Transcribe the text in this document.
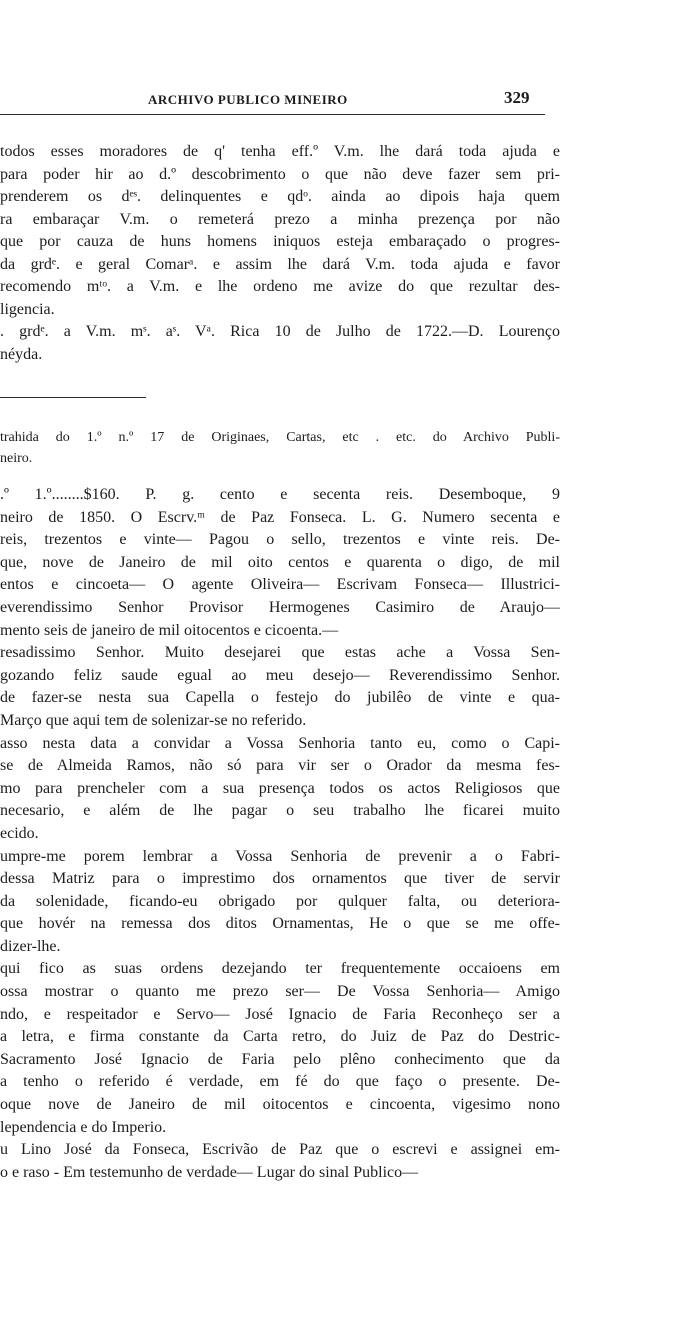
ARCHIVO PUBLICO MINEIRO	329
todos esses moradores de q' tenha eff.º V.m. lhe dará toda ajuda e
para poder hir ao d.º descobrimento o que não deve fazer sem pri-
prenderem os dᵉˢ. delinquentes e qdᵒ. ainda ao dipois haja quem
ra embaraçar V.m. o remeterá prezo a minha prezença por não
que por cauza de huns homens iniquos esteja embaraçado o progres-
da grdᵉ. e geral Comarᵃ. e assim lhe dará V.m. toda ajuda e favor
recomendo mᵗᵒ. a V.m. e lhe ordeno me avize do que rezultar des-
ligencia.
. grdᵉ. a V.m. mˢ. aˢ. Vᵃ. Rica 10 de Julho de 1722.—D. Lourenço
néyda.
trahida do 1.º n.º 17 de Originaes, Cartas, etc . etc. do Archivo Publi-
neiro.
.º 1.º........$160. P. g. cento e secenta reis. Desemboque, 9
neiro de 1850. O Escrv.ᵐ de Paz Fonseca. L. G. Numero secenta e
reis, trezentos e vinte— Pagou o sello, trezentos e vinte reis. De-
que, nove de Janeiro de mil oito centos e quarenta o digo, de mil
entos e cincoeta— O agente Oliveira— Escrivam Fonseca— Illustrici-
everendissimo Senhor Provisor Hermogenes Casimiro de Araujo—
mento seis de janeiro de mil oitocentos e cicoenta.—
resadissimo Senhor. Muito desejarei que estas ache a Vossa Sen-
gozando feliz saude egual ao meu desejo— Reverendissimo Senhor.
de fazer-se nesta sua Capella o festejo do jubilêo de vinte e qua-
Março que aqui tem de solenizar-se no referido.
asso nesta data a convidar a Vossa Senhoria tanto eu, como o Capi-
se de Almeida Ramos, não só para vir ser o Orador da mesma fes-
mo para prencheler com a sua presença todos os actos Religiosos que
necesario, e além de lhe pagar o seu trabalho lhe ficarei muito
ecido.
umpre-me porem lembrar a Vossa Senhoria de prevenir a o Fabri-
dessa Matriz para o imprestimo dos ornamentos que tiver de servir
da solenidade, ficando-eu obrigado por qulquer falta, ou deteriora-
que hovér na remessa dos ditos Ornamentas, He o que se me offe-
dizer-lhe.
qui fico as suas ordens dezejando ter frequentemente occaioens em
ossa mostrar o quanto me prezo ser— De Vossa Senhoria— Amigo
ndo, e respeitador e Servo— José Ignacio de Faria Reconheço ser a
a letra, e firma constante da Carta retro, do Juiz de Paz do Destric-
Sacramento José Ignacio de Faria pelo plêno conhecimento que da
a tenho o referido é verdade, em fé do que faço o presente. De-
oque nove de Janeiro de mil oitocentos e cincoenta, vigesimo nono
lependencia e do Imperio.
u Lino José da Fonseca, Escrivão de Paz que o escrevi e assignei em-
o e raso - Em testemunho de verdade— Lugar do sinal Publico—
